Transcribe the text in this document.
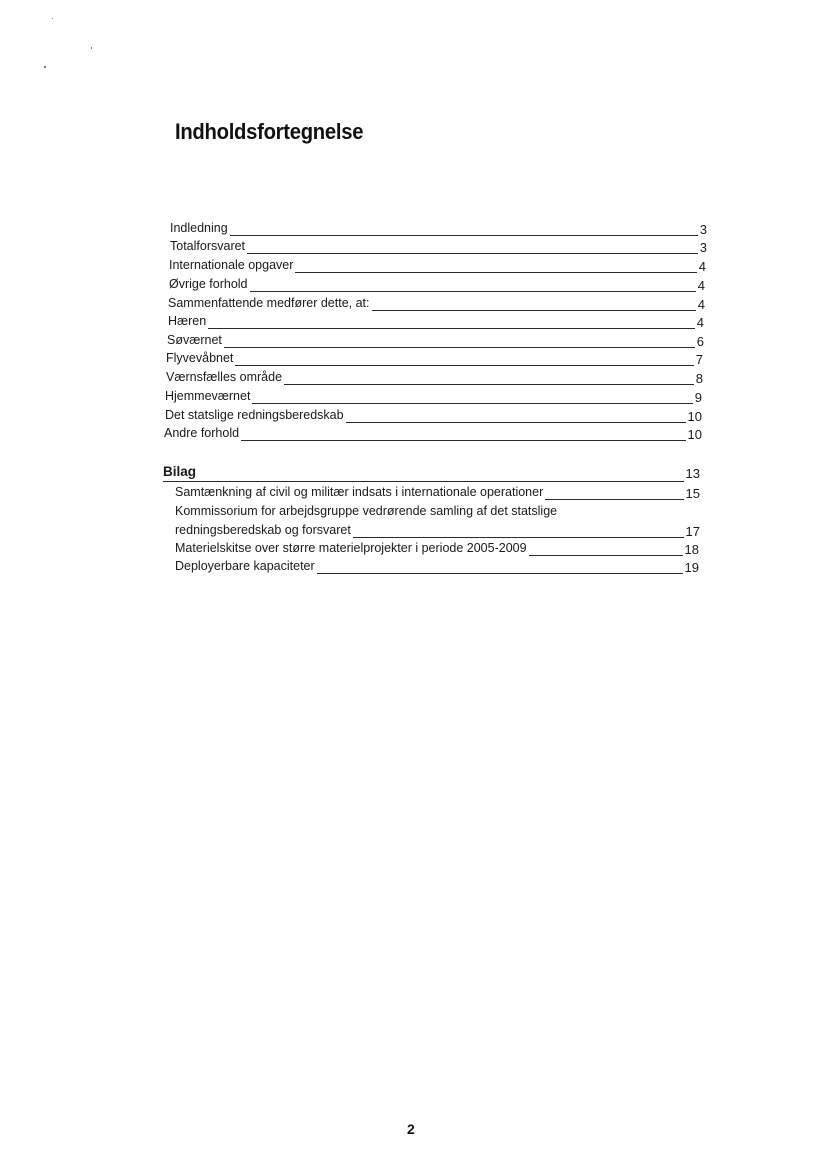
Indholdsfortegnelse
Indledning	3
Totalforsvaret	3
Internationale opgaver	4
Øvrige forhold	4
Sammenfattende medfører dette, at:	4
Hæren	4
Søværnet	6
Flyvevåbnet	7
Værnsfælles område	8
Hjemmeværnet	9
Det statslige redningsberedskab	10
Andre forhold	10
Bilag	13
Samtænkning af civil og militær indsats i internationale operationer	15
Kommissorium for arbejdsgruppe vedrørende samling af det statslige
redningsberedskab og forsvaret	17
Materielskitse over større materielprojekter i periode 2005-2009	18
Deployerbare kapaciteter	19
2
